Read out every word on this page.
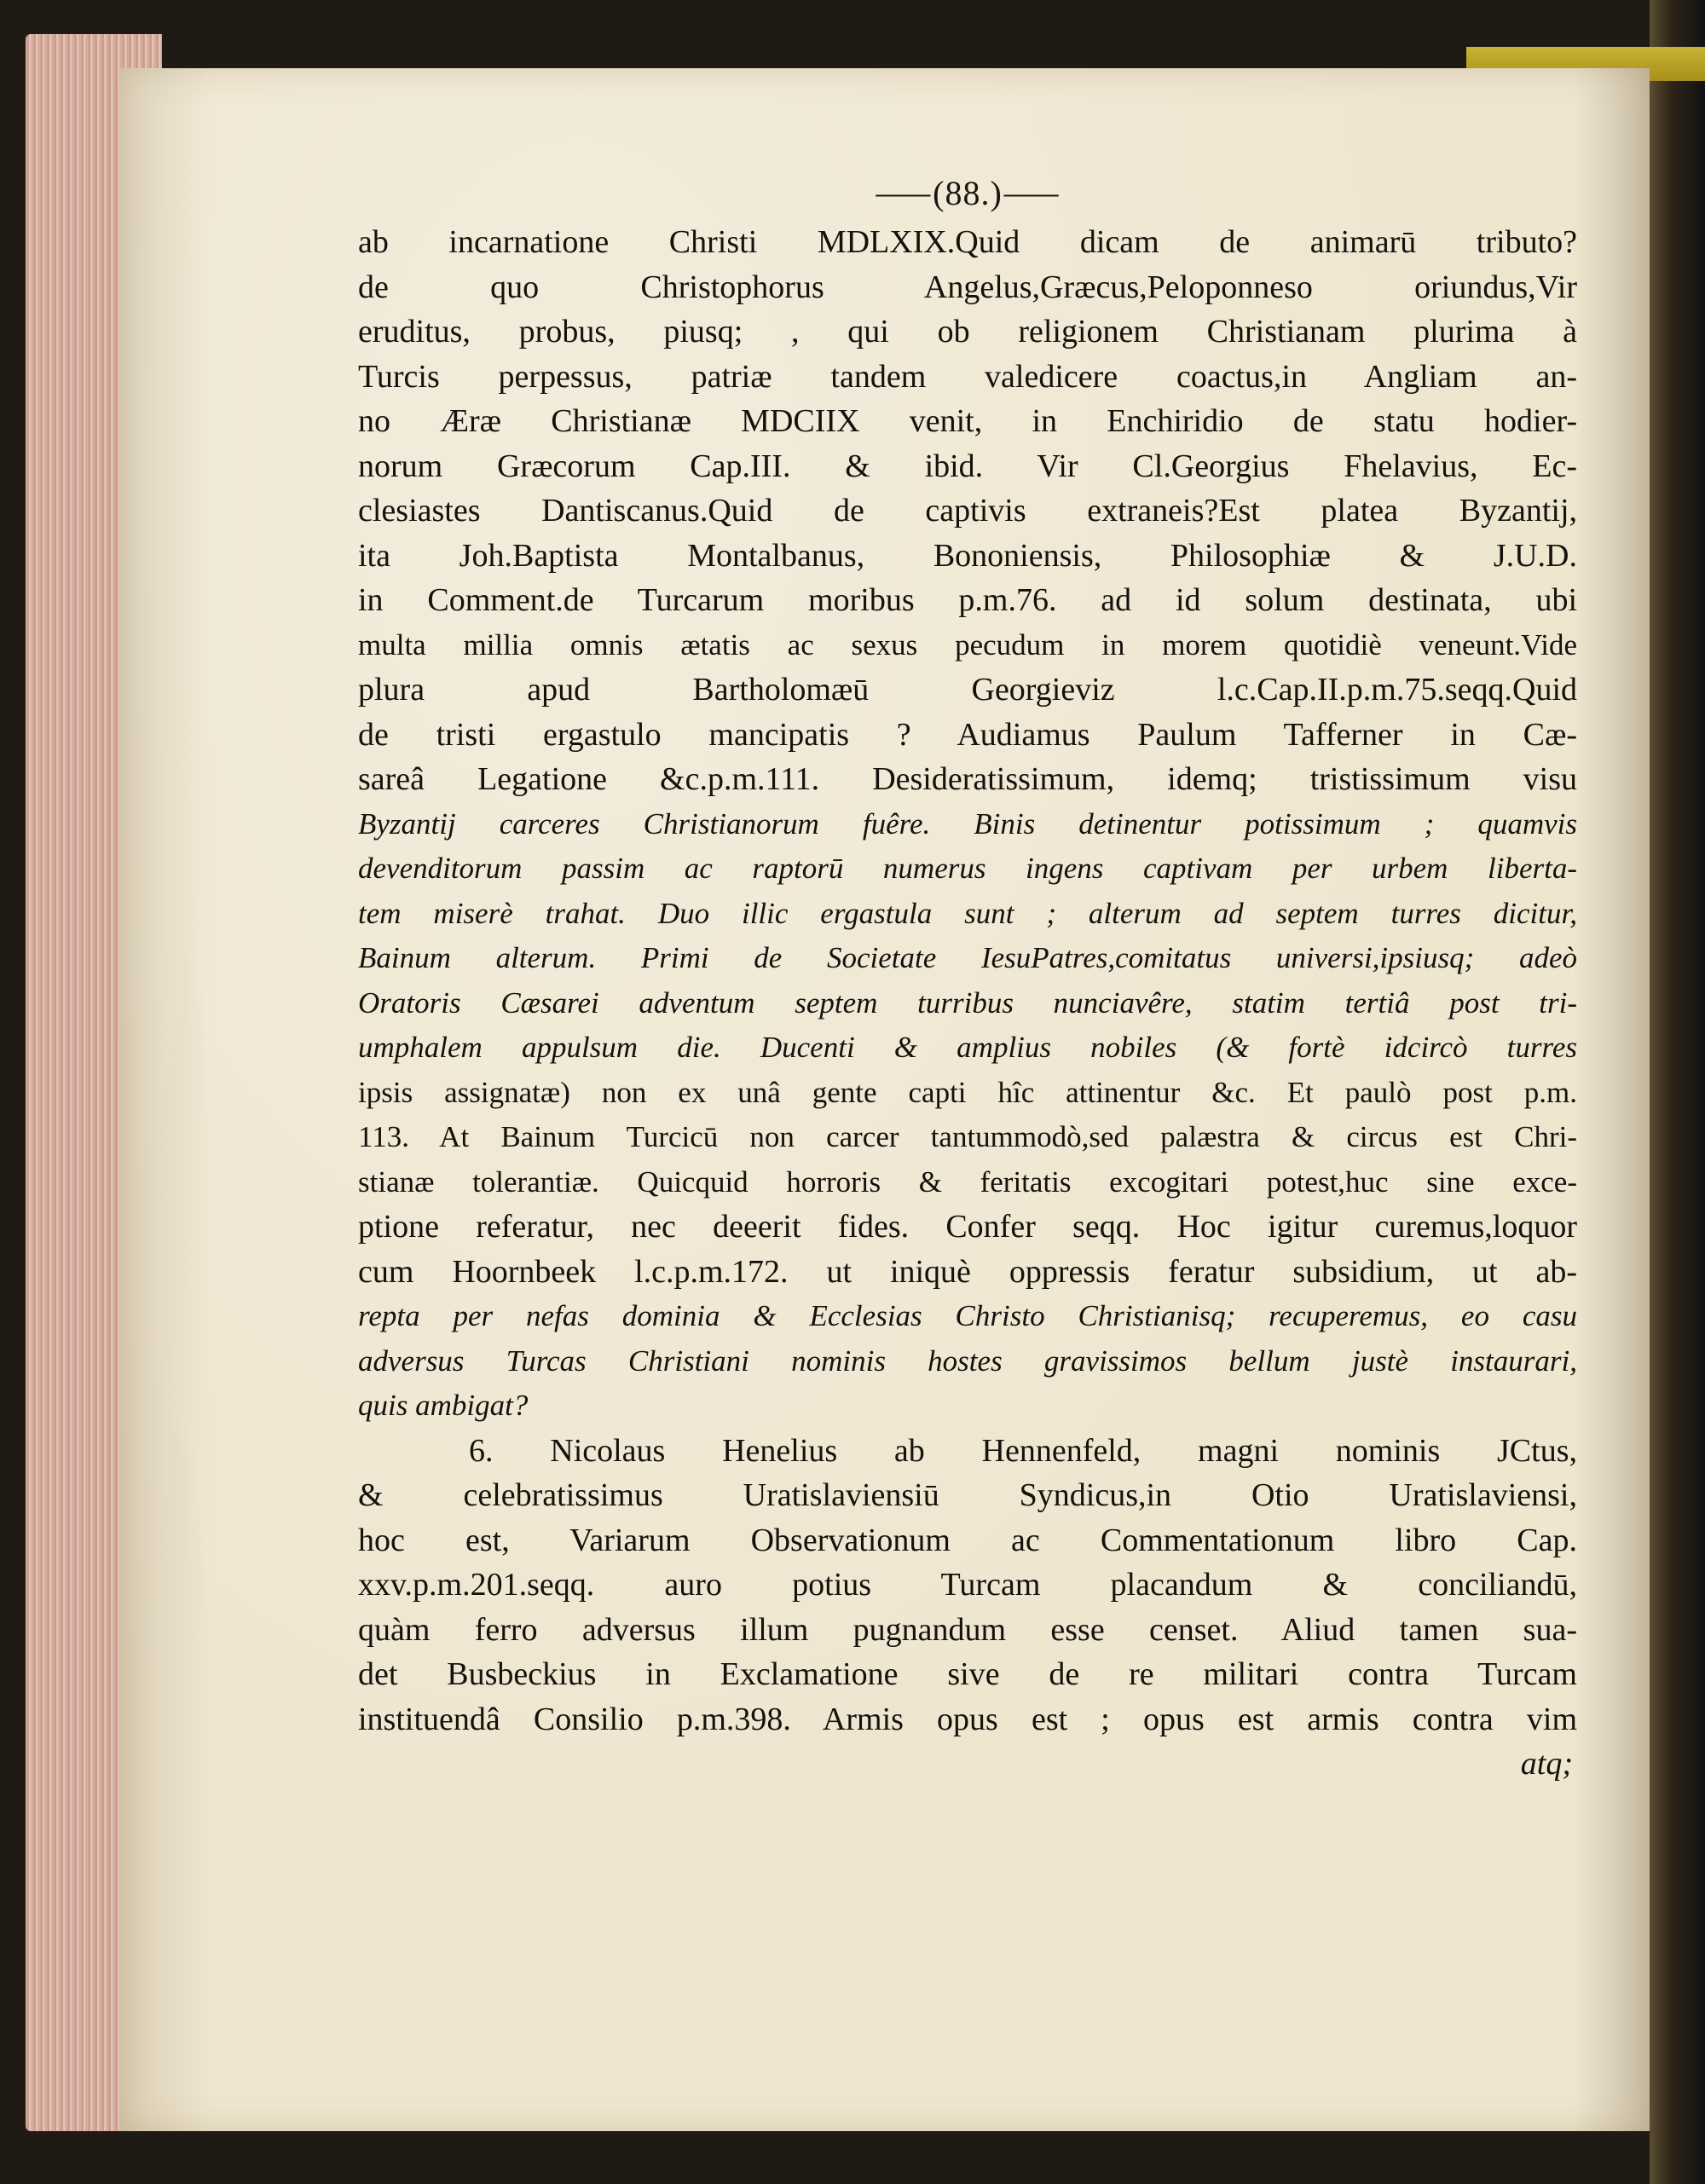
⸺(88.)⸺
ab incarnatione Christi MDLXIX.Quid dicam de animarū tributo?
de quo Christophorus Angelus,Græcus,Peloponneso oriundus,Vir
eruditus, probus, piusq; , qui ob religionem Christianam plurima à
Turcis perpessus, patriæ tandem valedicere coactus,in Angliam an-
no Æræ Christianæ MDCIIX venit, in Enchiridio de statu hodier-
norum Græcorum Cap.III. & ibid. Vir Cl.Georgius Fhelavius, Ec-
clesiastes Dantiscanus.Quid de captivis extraneis?Est platea Byzantij,
ita Joh.Baptista Montalbanus, Bononiensis, Philosophiæ & J.U.D.
in Comment.de Turcarum moribus p.m.76. ad id solum destinata, ubi
multa millia omnis ætatis ac sexus pecudum in morem quotidiè veneunt.Vide
plura apud Bartholomæū Georgieviz l.c.Cap.II.p.m.75.seqq.Quid
de tristi ergastulo mancipatis ? Audiamus Paulum Tafferner in Cæ-
sareâ Legatione &c.p.m.111. Desideratissimum, idemq; tristissimum visu
Byzantij carceres Christianorum fuêre. Binis detinentur potissimum ; quamvis
devenditorum passim ac raptorū numerus ingens captivam per urbem liberta-
tem miserè trahat. Duo illic ergastula sunt ; alterum ad septem turres dicitur,
Bainum alterum. Primi de Societate IesuPatres,comitatus universi,ipsiusq; adeò
Oratoris Cæsarei adventum septem turribus nunciavêre, statim tertiâ post tri-
umphalem appulsum die. Ducenti & amplius nobiles (& fortè idcircò turres
ipsis assignatæ) non ex unâ gente capti hîc attinentur &c. Et paulò post p.m.
113. At Bainum Turcicū non carcer tantummodò,sed palæstra & circus est Chri-
stianæ tolerantiæ. Quicquid horroris & feritatis excogitari potest,huc sine exce-
ptione referatur, nec deeerit fides. Confer seqq. Hoc igitur curemus,loquor
cum Hoornbeek l.c.p.m.172. ut iniquè oppressis feratur subsidium, ut ab-
repta per nefas dominia & Ecclesias Christo Christianisq; recuperemus, eo casu
adversus Turcas Christiani nominis hostes gravissimos bellum justè instaurari,
quis ambigat?
6. Nicolaus Henelius ab Hennenfeld, magni nominis JCtus,
& celebratissimus Uratislaviensiū Syndicus,in Otio Uratislaviensi,
hoc est, Variarum Observationum ac Commentationum libro Cap.
xxv.p.m.201.seqq. auro potius Turcam placandum & conciliandū,
quàm ferro adversus illum pugnandum esse censet. Aliud tamen sua-
det Busbeckius in Exclamatione sive de re militari contra Turcam
instituendâ Consilio p.m.398. Armis opus est ; opus est armis contra vim
atq;
